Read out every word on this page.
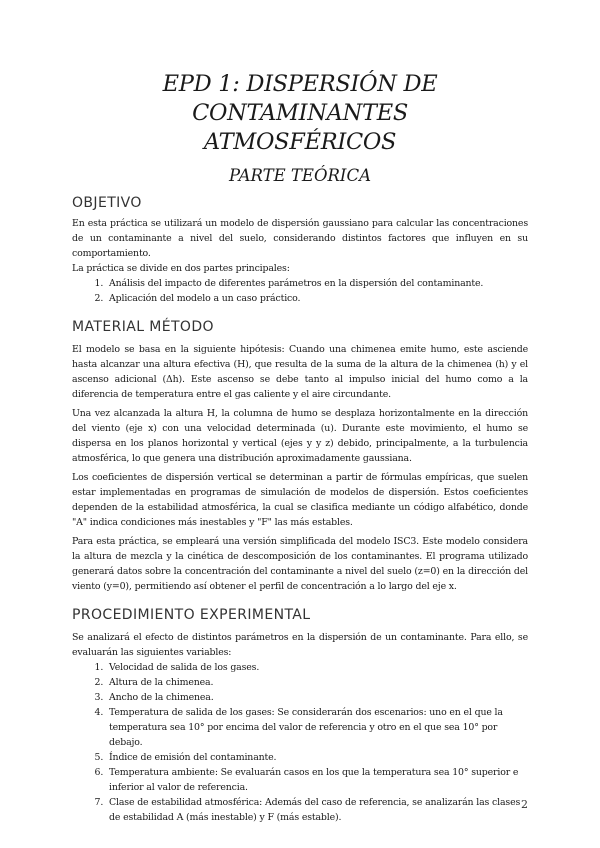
EPD 1: DISPERSIÓN DE CONTAMINANTES
ATMOSFÉRICOS
PARTE TEÓRICA
OBJETIVO

En esta práctica se utilizará un modelo de dispersión gaussiano para calcular las concentraciones de un contaminante a nivel del suelo, considerando distintos factores que influyen en su comportamiento.

La práctica se divide en dos partes principales:

1. Análisis del impacto de diferentes parámetros en la dispersión del contaminante.
2. Aplicación del modelo a un caso práctico.
MATERIAL MÉTODO

El modelo se basa en la siguiente hipótesis: Cuando una chimenea emite humo, este asciende hasta alcanzar una altura efectiva (H), que resulta de la suma de la altura de la chimenea (h) y el ascenso adicional (Δh). Este ascenso se debe tanto al impulso inicial del humo como a la diferencia de temperatura entre el gas caliente y el aire circundante.

Una vez alcanzada la altura H, la columna de humo se desplaza horizontalmente en la dirección del viento (eje x) con una velocidad determinada (u). Durante este movimiento, el humo se dispersa en los planos horizontal y vertical (ejes y y z) debido, principalmente, a la turbulencia atmosférica, lo que genera una distribución aproximadamente gaussiana.

Los coeficientes de dispersión vertical se determinan a partir de fórmulas empíricas, que suelen estar implementadas en programas de simulación de modelos de dispersión. Estos coeficientes dependen de la estabilidad atmosférica, la cual se clasifica mediante un código alfabético, donde "A" indica condiciones más inestables y "F" las más estables.

Para esta práctica, se empleará una versión simplificada del modelo ISC3. Este modelo considera la altura de mezcla y la cinética de descomposición de los contaminantes. El programa utilizado generará datos sobre la concentración del contaminante a nivel del suelo (z=0) en la dirección del viento (y=0), permitiendo así obtener el perfil de concentración a lo largo del eje x.

PROCEDIMIENTO EXPERIMENTAL

Se analizará el efecto de distintos parámetros en la dispersión de un contaminante. Para ello, se evaluarán las siguientes variables:

1. Velocidad de salida de los gases.
2. Altura de la chimenea.
3. Ancho de la chimenea.
4. Temperatura de salida de los gases: Se considerarán dos escenarios: uno en el que la temperatura sea 10° por encima del valor de referencia y otro en el que sea 10° por debajo.
5. Índice de emisión del contaminante.
6. Temperatura ambiente: Se evaluarán casos en los que la temperatura sea 10° superior e inferior al valor de referencia.
7. Clase de estabilidad atmosférica: Además del caso de referencia, se analizarán las clases de estabilidad A (más inestable) y F (más estable).
2
